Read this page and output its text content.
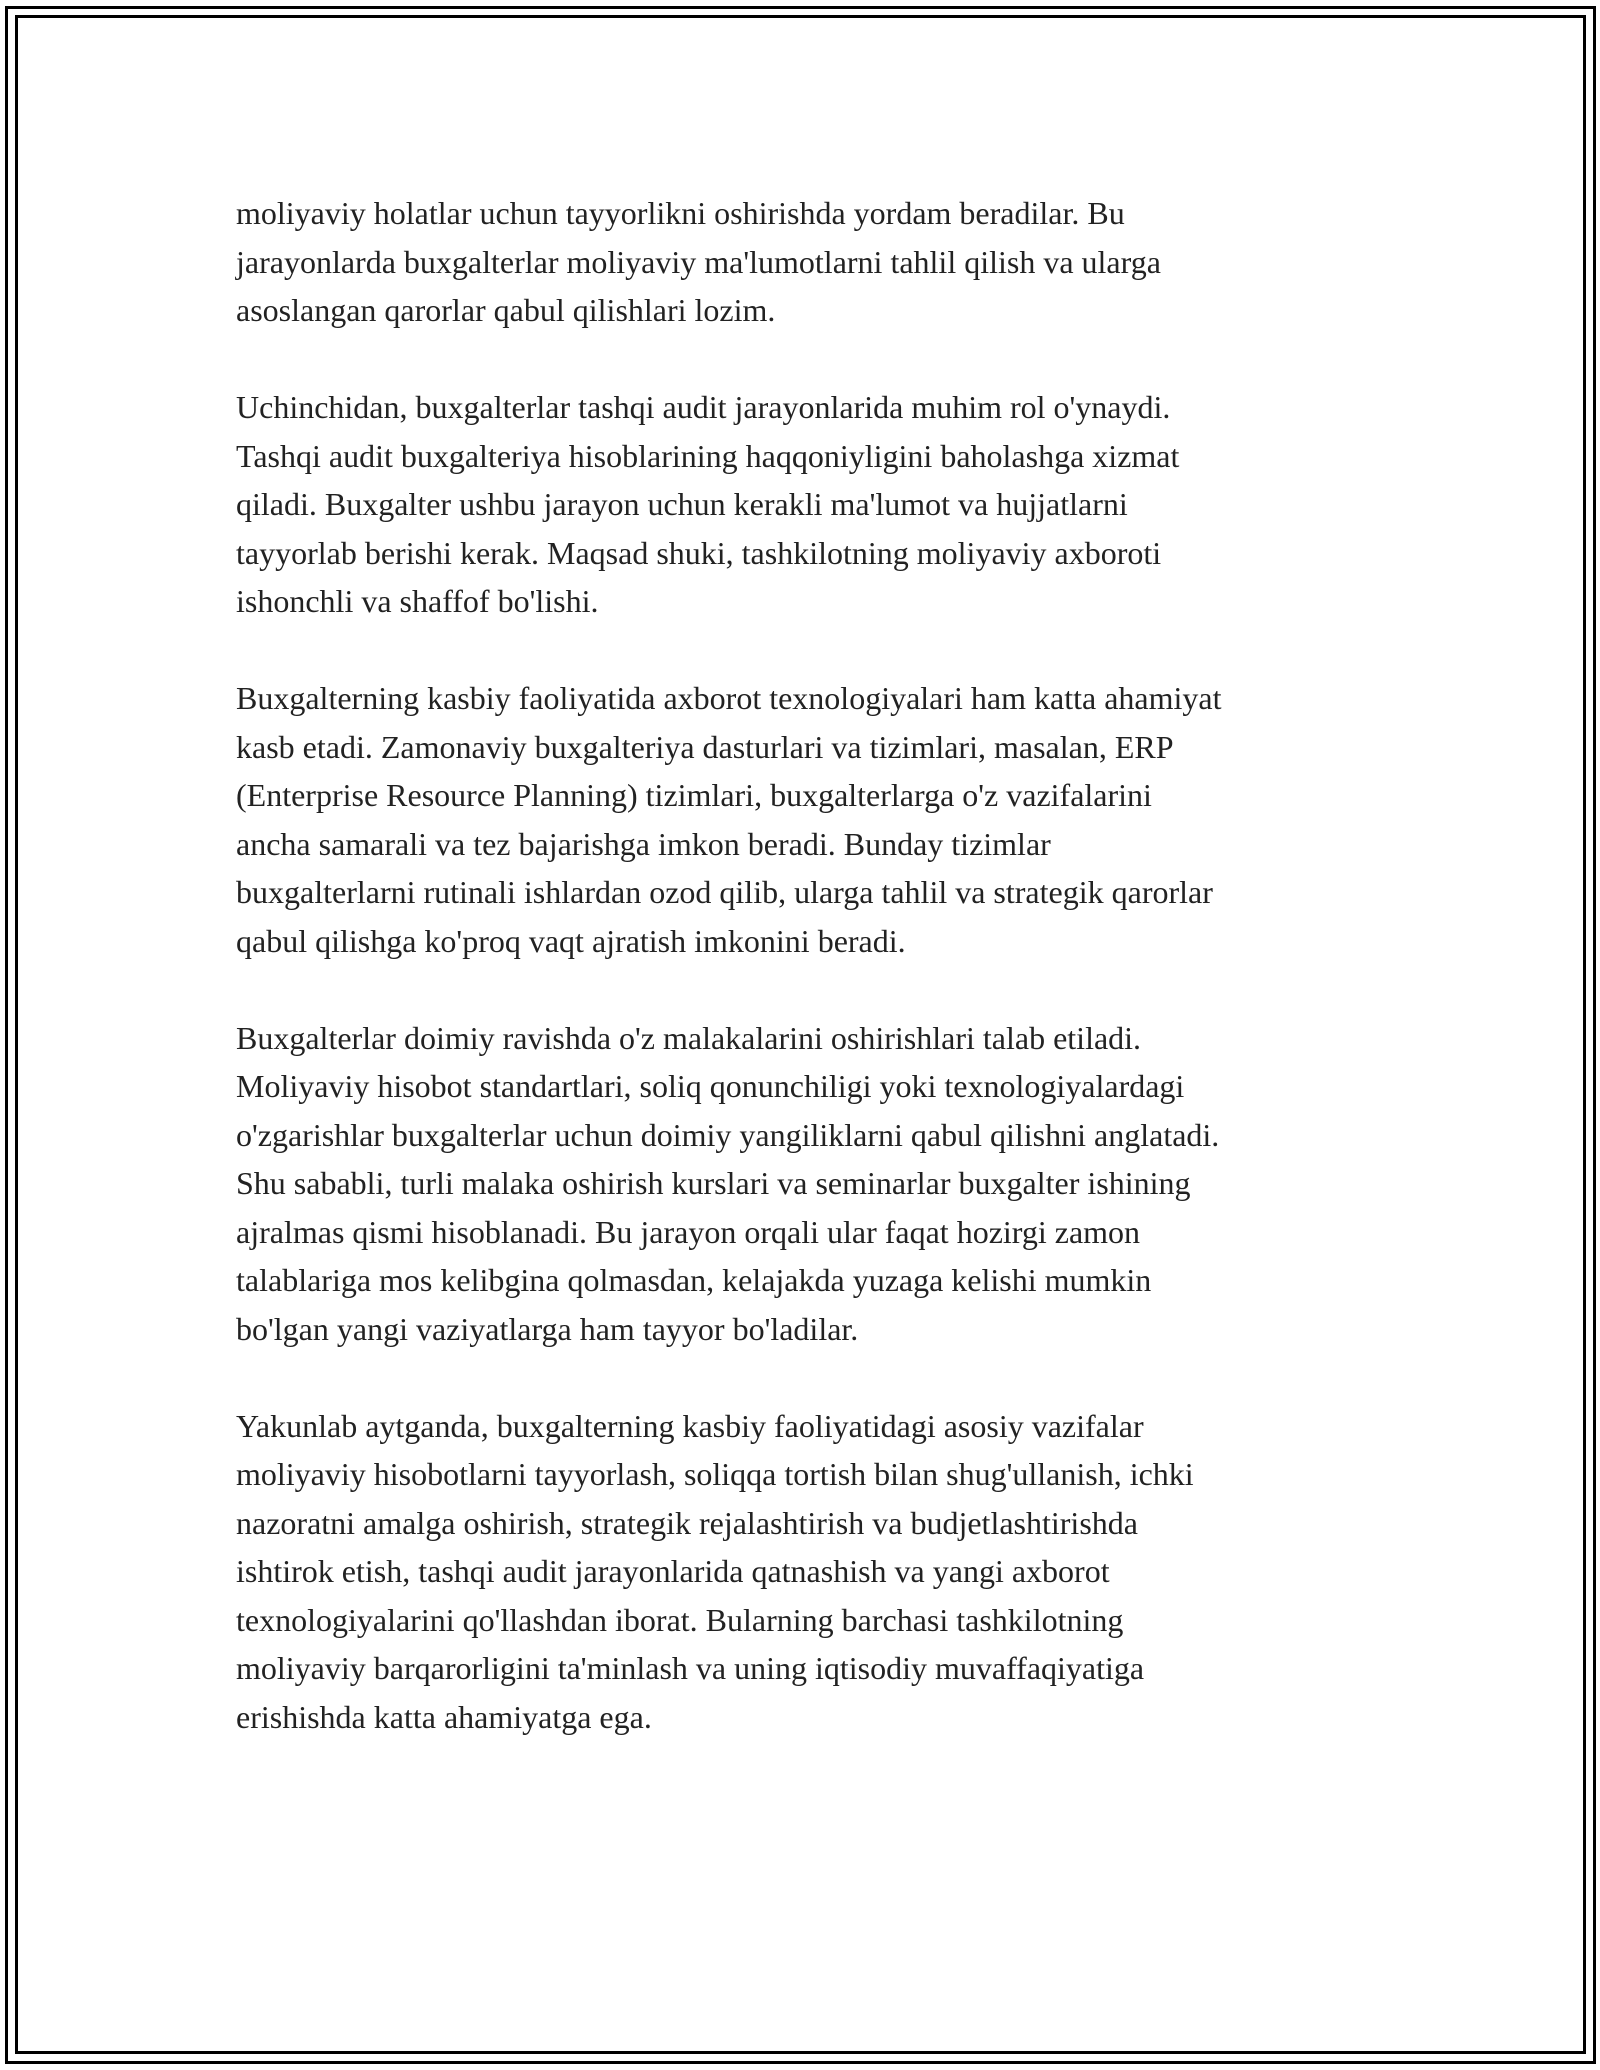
moliyaviy holatlar uchun tayyorlikni oshirishda yordam beradilar. Bu
jarayonlarda buxgalterlar moliyaviy ma'lumotlarni tahlil qilish va ularga
asoslangan qarorlar qabul qilishlari lozim.

Uchinchidan, buxgalterlar tashqi audit jarayonlarida muhim rol o'ynaydi.
Tashqi audit buxgalteriya hisoblarining haqqoniyligini baholashga xizmat
qiladi. Buxgalter ushbu jarayon uchun kerakli ma'lumot va hujjatlarni
tayyorlab berishi kerak. Maqsad shuki, tashkilotning moliyaviy axboroti
ishonchli va shaffof bo'lishi.

Buxgalterning kasbiy faoliyatida axborot texnologiyalari ham katta ahamiyat
kasb etadi. Zamonaviy buxgalteriya dasturlari va tizimlari, masalan, ERP
(Enterprise Resource Planning) tizimlari, buxgalterlarga o'z vazifalarini
ancha samarali va tez bajarishga imkon beradi. Bunday tizimlar
buxgalterlarni rutinali ishlardan ozod qilib, ularga tahlil va strategik qarorlar
qabul qilishga ko'proq vaqt ajratish imkonini beradi.

Buxgalterlar doimiy ravishda o'z malakalarini oshirishlari talab etiladi.
Moliyaviy hisobot standartlari, soliq qonunchiligi yoki texnologiyalardagi
o'zgarishlar buxgalterlar uchun doimiy yangiliklarni qabul qilishni anglatadi.
Shu sababli, turli malaka oshirish kurslari va seminarlar buxgalter ishining
ajralmas qismi hisoblanadi. Bu jarayon orqali ular faqat hozirgi zamon
talablariga mos kelibgina qolmasdan, kelajakda yuzaga kelishi mumkin
bo'lgan yangi vaziyatlarga ham tayyor bo'ladilar.

Yakunlab aytganda, buxgalterning kasbiy faoliyatidagi asosiy vazifalar
moliyaviy hisobotlarni tayyorlash, soliqqa tortish bilan shug'ullanish, ichki
nazoratni amalga oshirish, strategik rejalashtirish va budjetlashtirishda
ishtirok etish, tashqi audit jarayonlarida qatnashish va yangi axborot
texnologiyalarini qo'llashdan iborat. Bularning barchasi tashkilotning
moliyaviy barqarorligini ta'minlash va uning iqtisodiy muvaffaqiyatiga
erishishda katta ahamiyatga ega.
